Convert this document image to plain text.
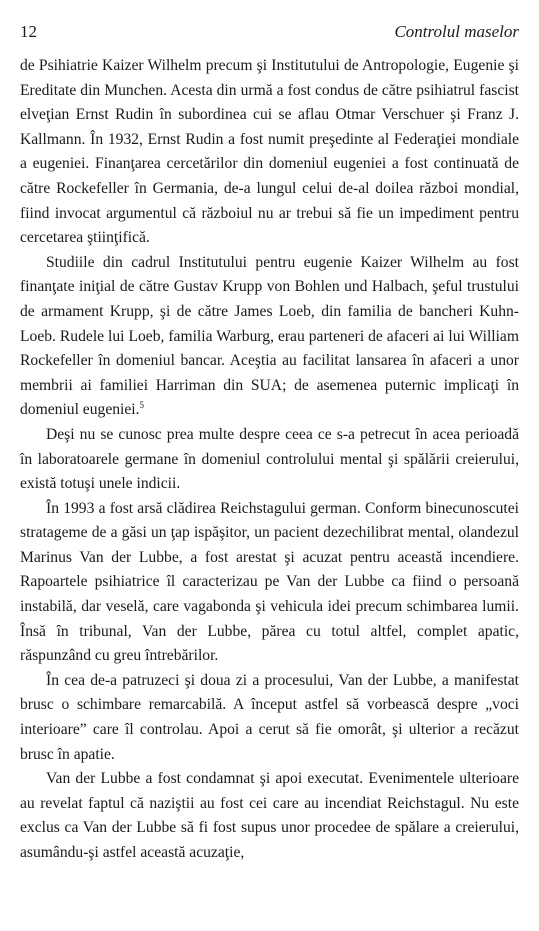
12	Controlul maselor

de Psihiatrie Kaizer Wilhelm precum şi Institutului de Antropologie, Eugenie şi Ereditate din Munchen. Acesta din urmă a fost condus de către psihiatrul fascist elveţian Ernst Rudin în subordinea cui se aflau Otmar Verschuer şi Franz J. Kallmann. În 1932, Ernst Rudin a fost numit preşedinte al Federaţiei mondiale a eugeniei. Finanţarea cercetărilor din domeniul eugeniei a fost continuată de către Rockefeller în Germania, de-a lungul celui de-al doilea război mondial, fiind invocat argumentul că războiul nu ar trebui să fie un impediment pentru cercetarea ştiinţifică.

Studiile din cadrul Institutului pentru eugenie Kaizer Wilhelm au fost finanţate iniţial de către Gustav Krupp von Bohlen und Halbach, şeful trustului de armament Krupp, şi de către James Loeb, din familia de bancheri Kuhn-Loeb. Rudele lui Loeb, familia Warburg, erau parteneri de afaceri ai lui William Rockefeller în domeniul bancar. Aceştia au facilitat lansarea în afaceri a unor membrii ai familiei Harriman din SUA; de asemenea puternic implicaţi în domeniul eugeniei.$^5$

Deşi nu se cunosc prea multe despre ceea ce s-a petrecut în acea perioadă în laboratoarele germane în domeniul controlului mental şi spălării creierului, există totuşi unele indicii.

În 1993 a fost arsă clădirea Reichstagului german. Conform binecunoscutei stratageme de a găsi un ţap ispăşitor, un pacient dezechilibrat mental, olandezul Marinus Van der Lubbe, a fost arestat şi acuzat pentru această incendiere. Rapoartele psihiatrice îl caracterizau pe Van der Lubbe ca fiind o persoană instabilă, dar veselă, care vagabonda şi vehicula idei precum schimbarea lumii. Însă în tribunal, Van der Lubbe, părea cu totul altfel, complet apatic, răspunzând cu greu întrebărilor.

În cea de-a patruzeci şi doua zi a procesului, Van der Lubbe, a manifestat brusc o schimbare remarcabilă. A început astfel să vorbească despre „voci interioare” care îl controlau. Apoi a cerut să fie omorât, şi ulterior a recăzut brusc în apatie.

Van der Lubbe a fost condamnat şi apoi executat. Evenimentele ulterioare au revelat faptul că naziştii au fost cei care au incendiat Reichstagul. Nu este exclus ca Van der Lubbe să fi fost supus unor procedee de spălare a creierului, asumându-şi astfel această acuzaţie,
